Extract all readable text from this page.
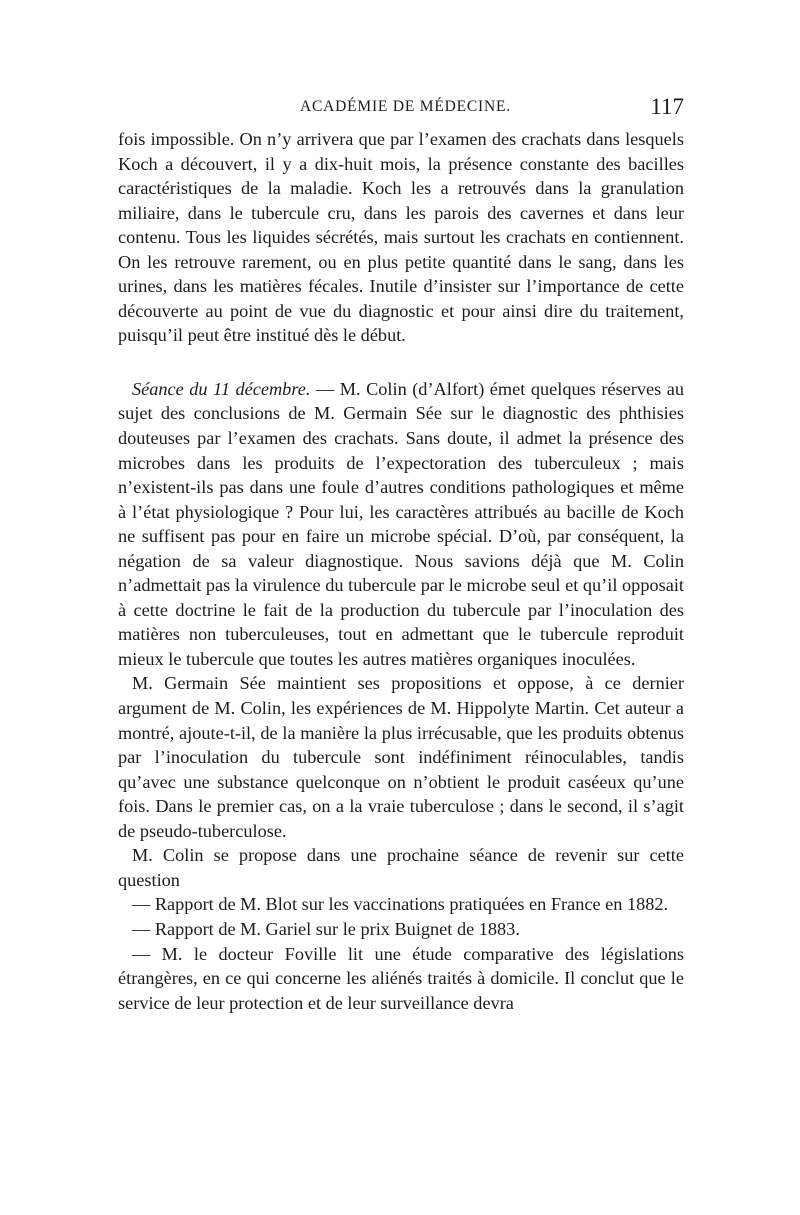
ACADÉMIE DE MÉDECINE.	117

fois impossible. On n’y arrivera que par l’examen des crachats dans lesquels Koch a découvert, il y a dix-huit mois, la présence constante des bacilles caractéristiques de la maladie. Koch les a retrouvés dans la granulation miliaire, dans le tubercule cru, dans les parois des cavernes et dans leur contenu. Tous les liquides sécrétés, mais surtout les crachats en contiennent. On les retrouve rarement, ou en plus petite quantité dans le sang, dans les urines, dans les matières fécales. Inutile d’insister sur l’importance de cette découverte au point de vue du diagnostic et pour ainsi dire du traitement, puisqu’il peut être institué dès le début.

Séance du 11 décembre. — M. Colin (d’Alfort) émet quelques réserves au sujet des conclusions de M. Germain Sée sur le diagnostic des phthisies douteuses par l’examen des crachats. Sans doute, il admet la présence des microbes dans les produits de l’expectoration des tuberculeux ; mais n’existent-ils pas dans une foule d’autres conditions pathologiques et même à l’état physiologique ? Pour lui, les caractères attribués au bacille de Koch ne suffisent pas pour en faire un microbe spécial. D’où, par conséquent, la négation de sa valeur diagnostique. Nous savions déjà que M. Colin n’admettait pas la virulence du tubercule par le microbe seul et qu’il opposait à cette doctrine le fait de la production du tubercule par l’inoculation des matières non tuberculeuses, tout en admettant que le tubercule reproduit mieux le tubercule que toutes les autres matières organiques inoculées.

M. Germain Sée maintient ses propositions et oppose, à ce dernier argument de M. Colin, les expériences de M. Hippolyte Martin. Cet auteur a montré, ajoute-t-il, de la manière la plus irrécusable, que les produits obtenus par l’inoculation du tubercule sont indéfiniment réinoculables, tandis qu’avec une substance quelconque on n’obtient le produit caséeux qu’une fois. Dans le premier cas, on a la vraie tuberculose ; dans le second, il s’agit de pseudo-tuberculose.

M. Colin se propose dans une prochaine séance de revenir sur cette question

— Rapport de M. Blot sur les vaccinations pratiquées en France en 1882.

— Rapport de M. Gariel sur le prix Buignet de 1883.

— M. le docteur Foville lit une étude comparative des législations étrangères, en ce qui concerne les aliénés traités à domicile. Il conclut que le service de leur protection et de leur surveillance devra
